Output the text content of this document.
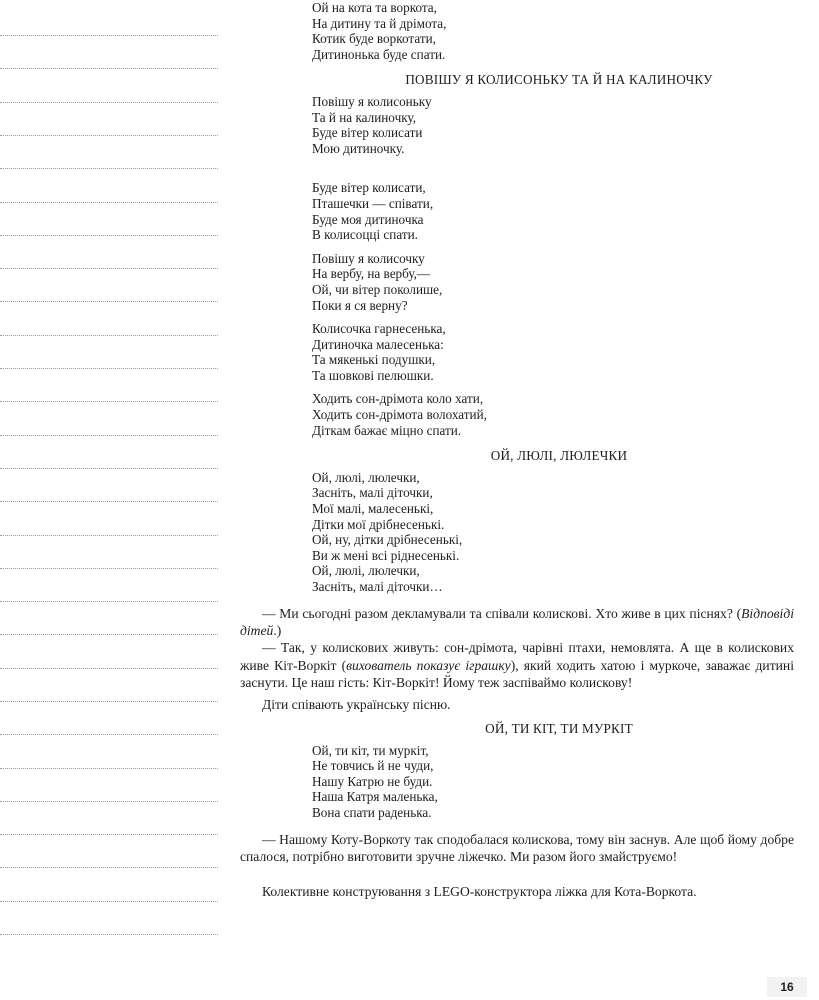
Ой на кота та воркота,
На дитину та й дрімота,
Котик буде воркотати,
Дитинонька буде спати.
ПОВІШУ Я КОЛИСОНЬКУ ТА Й НА КАЛИНОЧКУ
Повішу я колисоньку
Та й на калиночку,
Буде вітер колисати
Мою дитиночку.
Буде вітер колисати,
Пташечки — співати,
Буде моя дитиночка
В колисоцці спати.
Повішу я колисочку
На вербу, на вербу,—
Ой, чи вітер поколише,
Поки я ся верну?
Колисочка гарнесенька,
Дитиночка малесенька:
Та мякенькі подушки,
Та шовкові пелюшки.
Ходить сон-дрімота коло хати,
Ходить сон-дрімота волохатий,
Діткам бажає міцно спати.
ОЙ, ЛЮЛІ, ЛЮЛЕЧКИ
Ой, люлі, люлечки,
Засніть, малі діточки,
Мої малі, малесенькі,
Дітки мої дрібнесенькі.
Ой, ну, дітки дрібнесенькі,
Ви ж мені всі ріднесенькі.
Ой, люлі, люлечки,
Засніть, малі діточки…

— Ми сьогодні разом декламували та співали колискові. Хто живе в цих піснях? (Відповіді дітей.)

— Так, у колискових живуть: сон-дрімота, чарівні птахи, немовлята. А ще в колискових живе Кіт-Воркіт (вихователь показує іграшку), який ходить хатою і муркоче, заважає дитині заснути. Це наш гість: Кіт-Воркіт! Йому теж заспіваймо колискову!

Діти співають українську пісню.

ОЙ, ТИ КІТ, ТИ МУРКІТ
Ой, ти кіт, ти муркіт,
Не товчись й не чуди,
Нашу Катрю не буди.
Наша Катря маленька,
Вона спати раденька.

— Нашому Коту-Воркоту так сподобалася колискова, тому він заснув. Але щоб йому добре спалося, потрібно виготовити зручне ліжечко. Ми разом його змайструємо!

Колективне конструювання з LEGO-конструктора ліжка для Кота-Воркота.

16
